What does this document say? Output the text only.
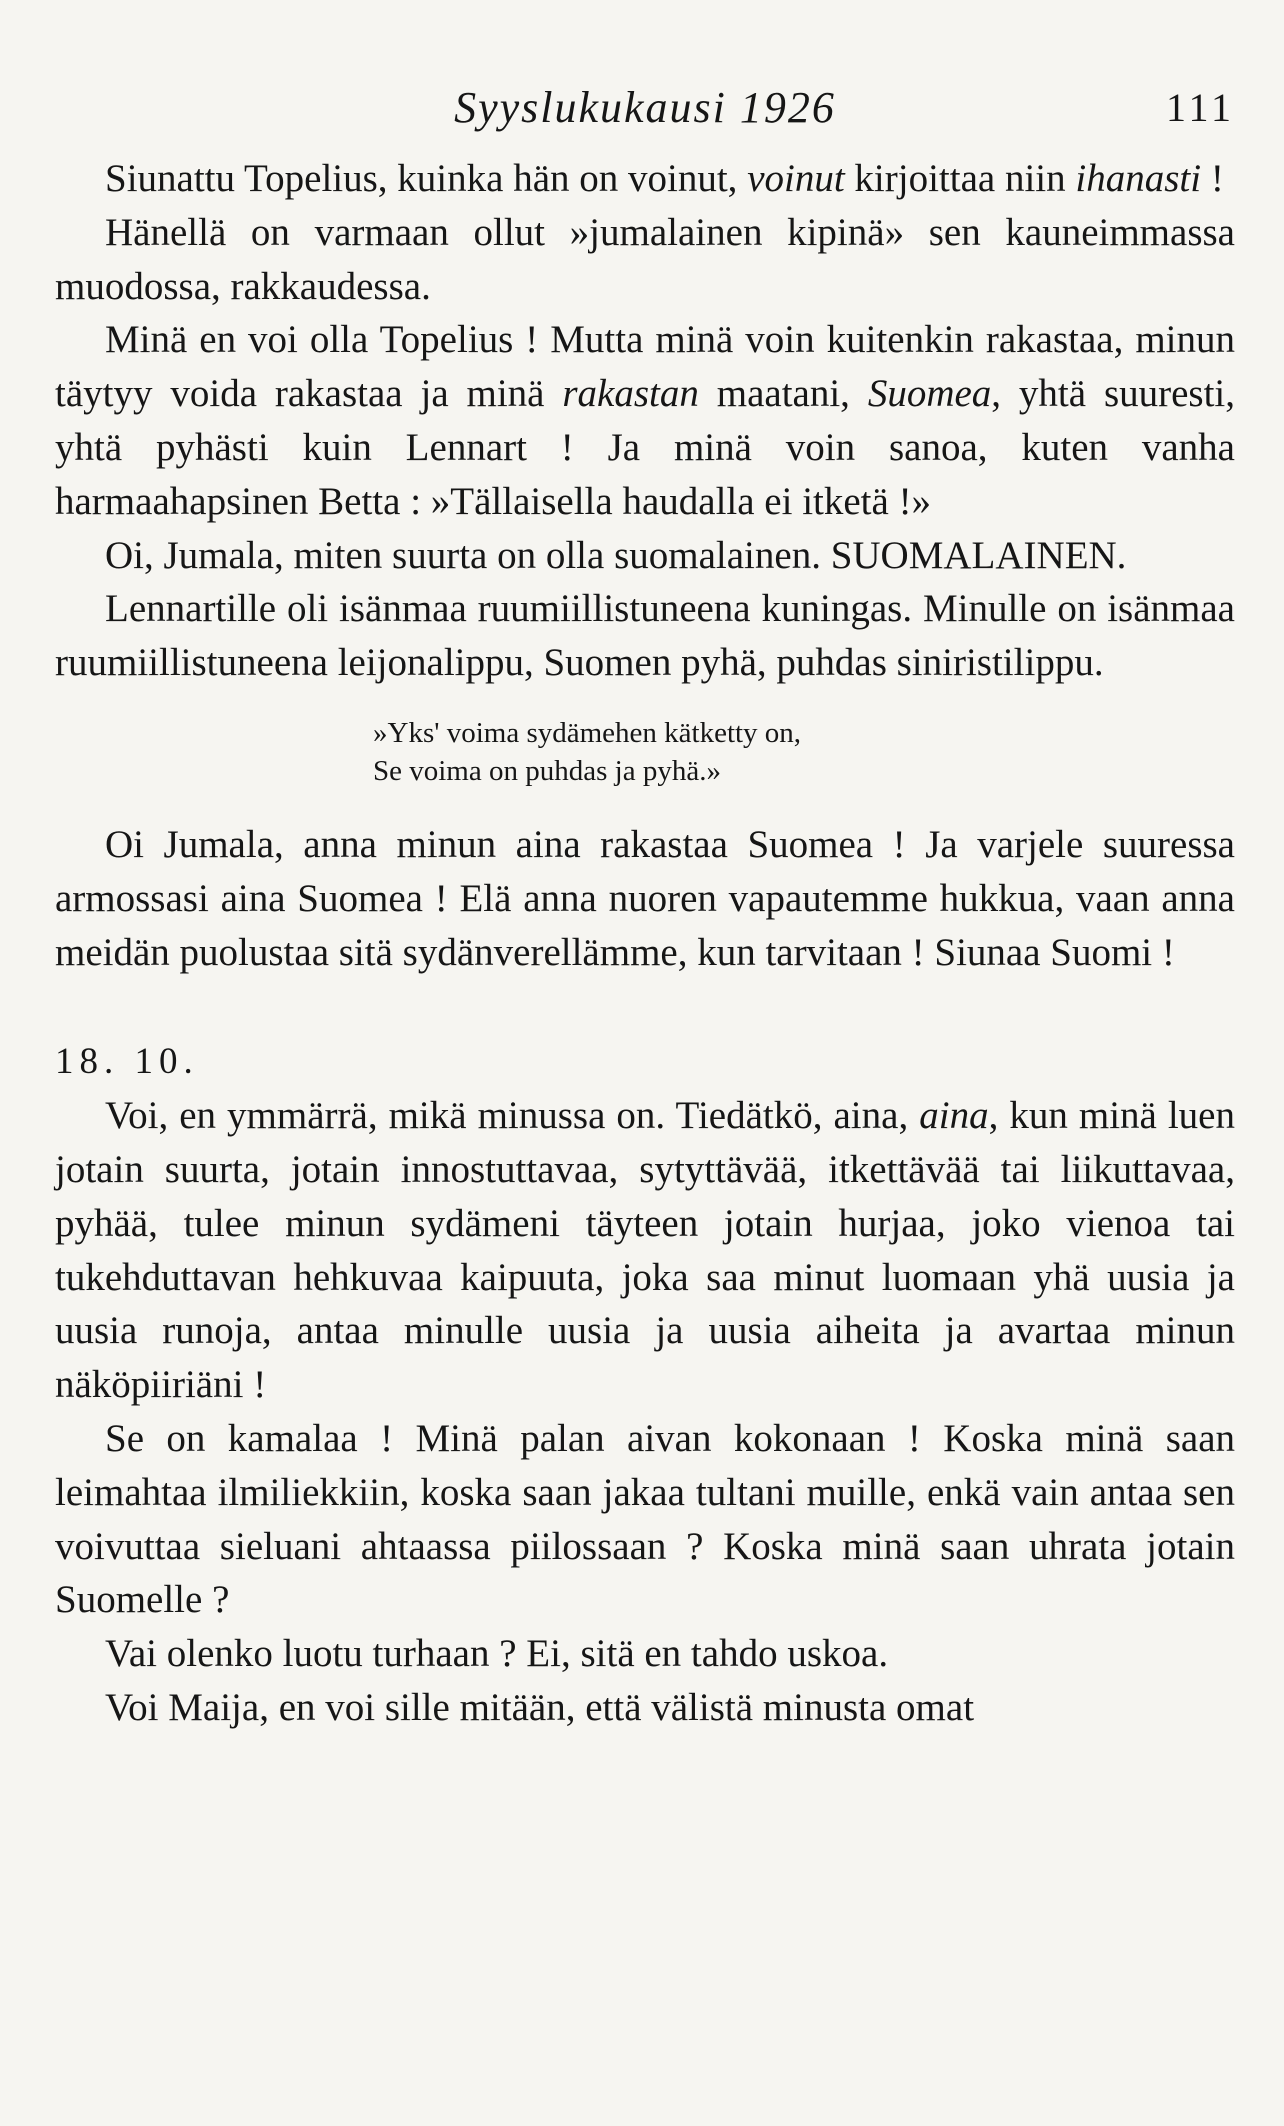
Syyslukukausi 1926	111

Siunattu Topelius, kuinka hän on voinut, voinut kirjoittaa niin ihanasti !

Hänellä on varmaan ollut »jumalainen kipinä» sen kauneimmassa muodossa, rakkaudessa.

Minä en voi olla Topelius ! Mutta minä voin kuitenkin rakastaa, minun täytyy voida rakastaa ja minä rakastan maatani, Suomea, yhtä suuresti, yhtä pyhästi kuin Lennart ! Ja minä voin sanoa, kuten vanha harmaahapsinen Betta : »Tällaisella haudalla ei itketä !»

Oi, Jumala, miten suurta on olla suomalainen. SUOMALAINEN.

Lennartille oli isänmaa ruumiillistuneena kuningas. Minulle on isänmaa ruumiillistuneena leijonalippu, Suomen pyhä, puhdas siniristilippu.

»Yks' voima sydämehen kätketty on,
Se voima on puhdas ja pyhä.»

Oi Jumala, anna minun aina rakastaa Suomea ! Ja varjele suuressa armossasi aina Suomea ! Elä anna nuoren vapautemme hukkua, vaan anna meidän puolustaa sitä sydänverellämme, kun tarvitaan ! Siunaa Suomi !

18. 10.

Voi, en ymmärrä, mikä minussa on. Tiedätkö, aina, aina, kun minä luen jotain suurta, jotain innostuttavaa, sytyttävää, itkettävää tai liikuttavaa, pyhää, tulee minun sydämeni täyteen jotain hurjaa, joko vienoa tai tukehduttavan hehkuvaa kaipuuta, joka saa minut luomaan yhä uusia ja uusia runoja, antaa minulle uusia ja uusia aiheita ja avartaa minun näköpiiriäni !

Se on kamalaa ! Minä palan aivan kokonaan ! Koska minä saan leimahtaa ilmiliekkiin, koska saan jakaa tultani muille, enkä vain antaa sen voivuttaa sieluani ahtaassa piilossaan ? Koska minä saan uhrata jotain Suomelle ?

Vai olenko luotu turhaan ? Ei, sitä en tahdo uskoa.

Voi Maija, en voi sille mitään, että välistä minusta omat
